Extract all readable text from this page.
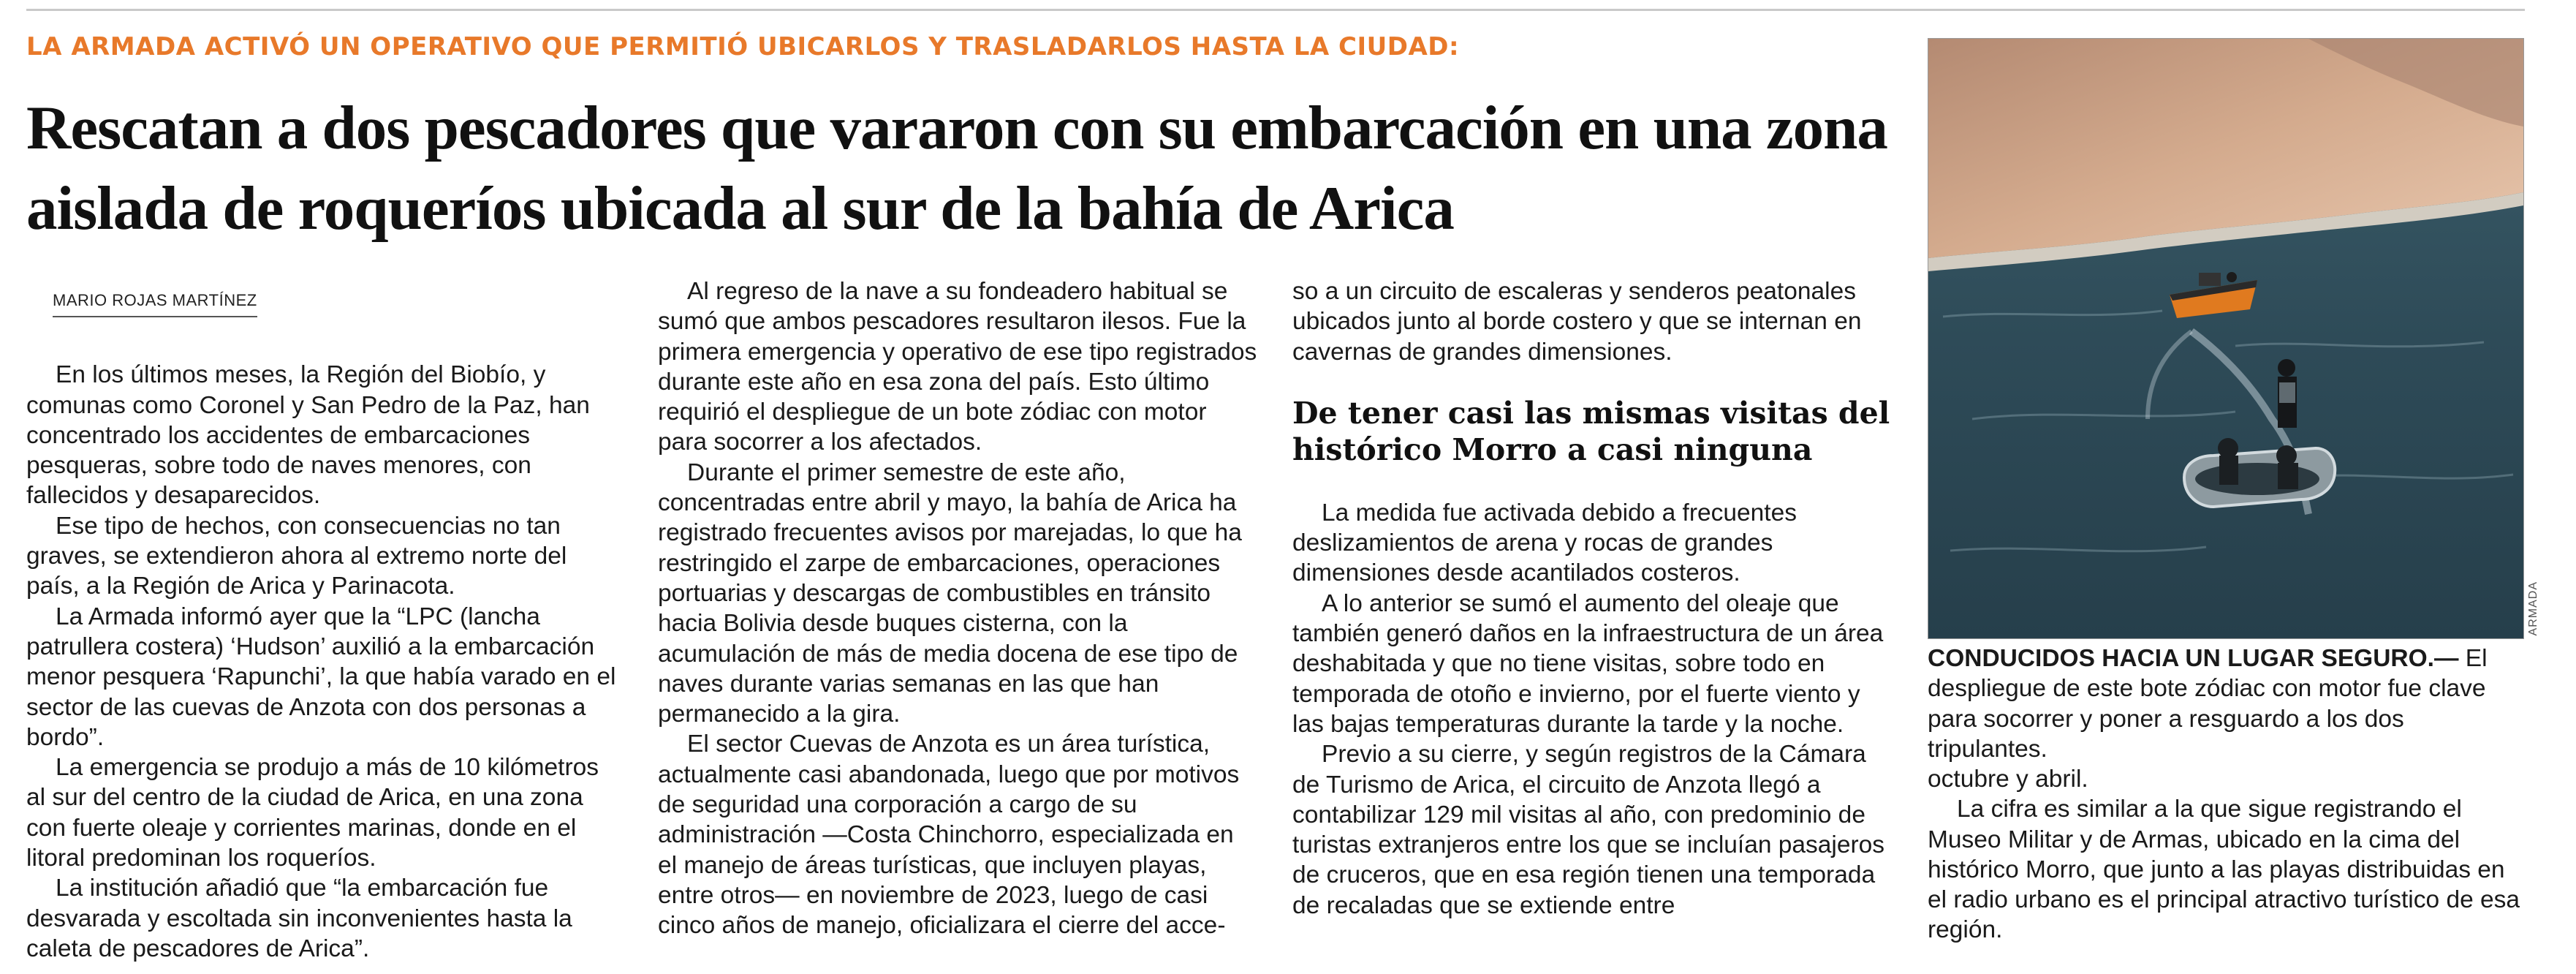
LA ARMADA ACTIVÓ UN OPERATIVO QUE PERMITIÓ UBICARLOS Y TRASLADARLOS HASTA LA CIUDAD:
Rescatan a dos pescadores que vararon con su embarcación en una zona aislada de roqueríos ubicada al sur de la bahía de Arica
MARIO ROJAS MARTÍNEZ

En los últimos meses, la Región del Biobío, y comunas como Coronel y San Pedro de la Paz, han concentrado los accidentes de embarcaciones pesqueras, sobre todo de naves menores, con fallecidos y desaparecidos.

Ese tipo de hechos, con consecuencias no tan graves, se extendieron ahora al extremo norte del país, a la Región de Arica y Parinacota.

La Armada informó ayer que la “LPC (lancha patrullera costera) ‘Hudson’ auxilió a la embarcación menor pesquera ‘Rapunchi’, la que había varado en el sector de las cuevas de Anzota con dos personas a bordo”.

La emergencia se produjo a más de 10 kilómetros al sur del centro de la ciudad de Arica, en una zona con fuerte oleaje y corrientes marinas, donde en el litoral predominan los roqueríos.

La institución añadió que “la embarcación fue desvarada y escoltada sin inconvenientes hasta la caleta de pescadores de Arica”.

Al regreso de la nave a su fondeadero habitual se sumó que ambos pescadores resultaron ilesos. Fue la primera emergencia y operativo de ese tipo registrados durante este año en esa zona del país. Esto último requirió el despliegue de un bote zódiac con motor para socorrer a los afectados.

Durante el primer semestre de este año, concentradas entre abril y mayo, la bahía de Arica ha registrado frecuentes avisos por marejadas, lo que ha restringido el zarpe de embarcaciones, operaciones portuarias y descargas de combustibles en tránsito hacia Bolivia desde buques cisterna, con la acumulación de más de media docena de ese tipo de naves durante varias semanas en las que han permanecido a la gira.

El sector Cuevas de Anzota es un área turística, actualmente casi abandonada, luego que por motivos de seguridad una corporación a cargo de su administración —Costa Chinchorro, especializada en el manejo de áreas turísticas, que incluyen playas, entre otros— en noviembre de 2023, luego de casi cinco años de manejo, oficializara el cierre del acce-

so a un circuito de escaleras y senderos peatonales ubicados junto al borde costero y que se internan en cavernas de grandes dimensiones.

De tener casi las mismas visitas del histórico Morro a casi ninguna

La medida fue activada debido a frecuentes deslizamientos de arena y rocas de grandes dimensiones desde acantilados costeros.

A lo anterior se sumó el aumento del oleaje que también generó daños en la infraestructura de un área deshabitada y que no tiene visitas, sobre todo en temporada de otoño e invierno, por el fuerte viento y las bajas temperaturas durante la tarde y la noche.

Previo a su cierre, y según registros de la Cámara de Turismo de Arica, el circuito de Anzota llegó a contabilizar 129 mil visitas al año, con predominio de turistas extranjeros entre los que se incluían pasajeros de cruceros, que en esa región tienen una temporada de recaladas que se extiende entre

ARMADA
CONDUCIDOS HACIA UN LUGAR SEGURO.— El despliegue de este bote zódiac con motor fue clave para socorrer y poner a resguardo a los dos tripulantes.

octubre y abril.

La cifra es similar a la que sigue registrando el Museo Militar y de Armas, ubicado en la cima del histórico Morro, que junto a las playas distribuidas en el radio urbano es el principal atractivo turístico de esa región.
